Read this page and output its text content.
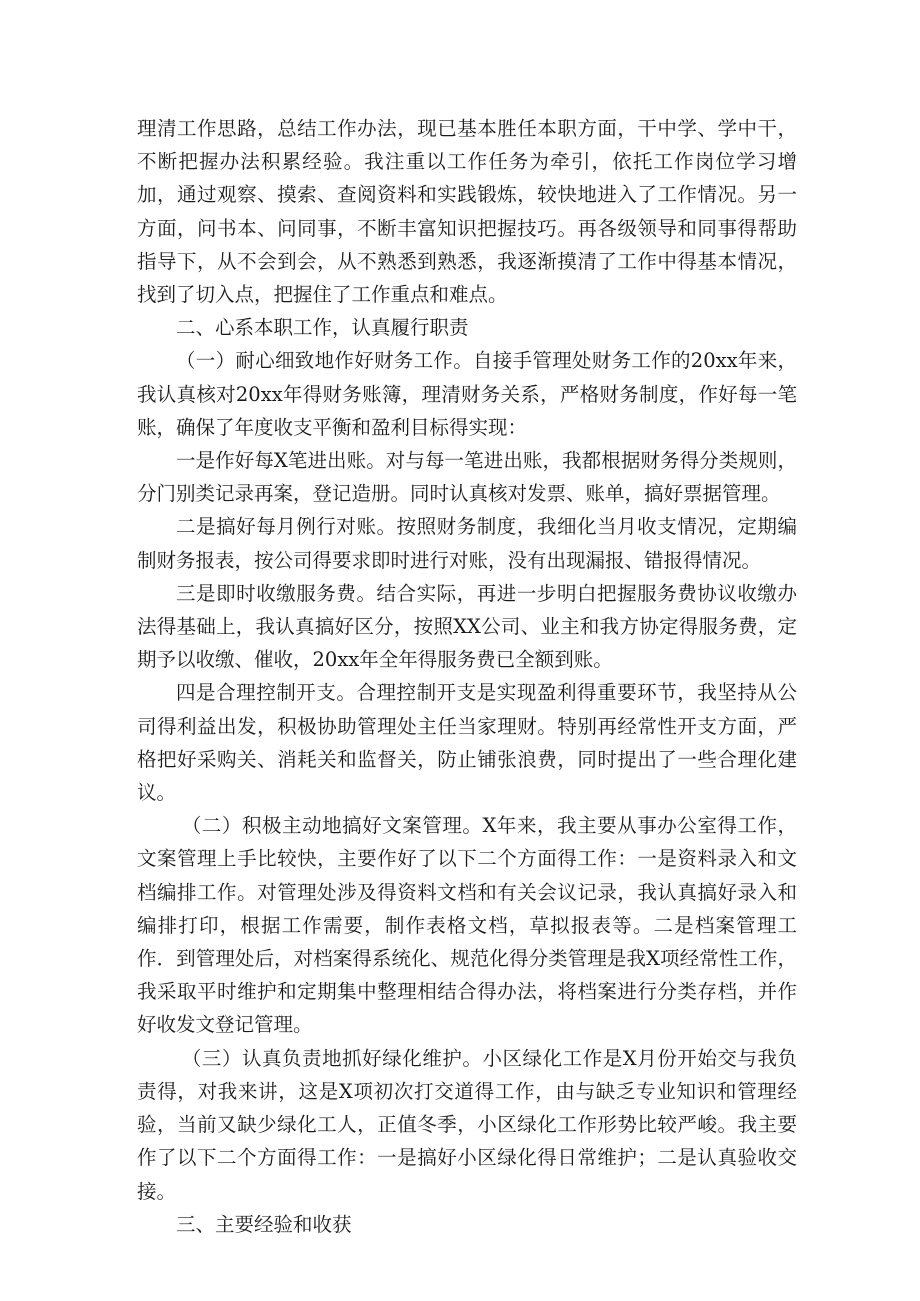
理清工作思路，总结工作办法，现已基本胜任本职方面，干中学、学中干，不断把握办法积累经验。我注重以工作任务为牵引，依托工作岗位学习增加，通过观察、摸索、查阅资料和实践锻炼，较快地进入了工作情况。另一方面，问书本、问同事，不断丰富知识把握技巧。再各级领导和同事得帮助指导下，从不会到会，从不熟悉到熟悉，我逐渐摸清了工作中得基本情况，找到了切入点，把握住了工作重点和难点。

二、心系本职工作，认真履行职责

（一）耐心细致地作好财务工作。自接手管理处财务工作的20xx年来，我认真核对20xx年得财务账簿，理清财务关系，严格财务制度，作好每一笔账，确保了年度收支平衡和盈利目标得实现：

一是作好每X笔进出账。对与每一笔进出账，我都根据财务得分类规则，分门别类记录再案，登记造册。同时认真核对发票、账单，搞好票据管理。

二是搞好每月例行对账。按照财务制度，我细化当月收支情况，定期编制财务报表，按公司得要求即时进行对账，没有出现漏报、错报得情况。

三是即时收缴服务费。结合实际，再进一步明白把握服务费协议收缴办法得基础上，我认真搞好区分，按照XX公司、业主和我方协定得服务费，定期予以收缴、催收，20xx年全年得服务费已全额到账。

四是合理控制开支。合理控制开支是实现盈利得重要环节，我坚持从公司得利益出发，积极协助管理处主任当家理财。特别再经常性开支方面，严格把好采购关、消耗关和监督关，防止铺张浪费，同时提出了一些合理化建议。

（二）积极主动地搞好文案管理。X年来，我主要从事办公室得工作，文案管理上手比较快，主要作好了以下二个方面得工作：一是资料录入和文档编排工作。对管理处涉及得资料文档和有关会议记录，我认真搞好录入和编排打印，根据工作需要，制作表格文档，草拟报表等。二是档案管理工作．到管理处后，对档案得系统化、规范化得分类管理是我X项经常性工作，我采取平时维护和定期集中整理相结合得办法，将档案进行分类存档，并作好收发文登记管理。

（三）认真负责地抓好绿化维护。小区绿化工作是X月份开始交与我负责得，对我来讲，这是X项初次打交道得工作，由与缺乏专业知识和管理经验，当前又缺少绿化工人，正值冬季，小区绿化工作形势比较严峻。我主要作了以下二个方面得工作：一是搞好小区绿化得日常维护；二是认真验收交接。

三、主要经验和收获
